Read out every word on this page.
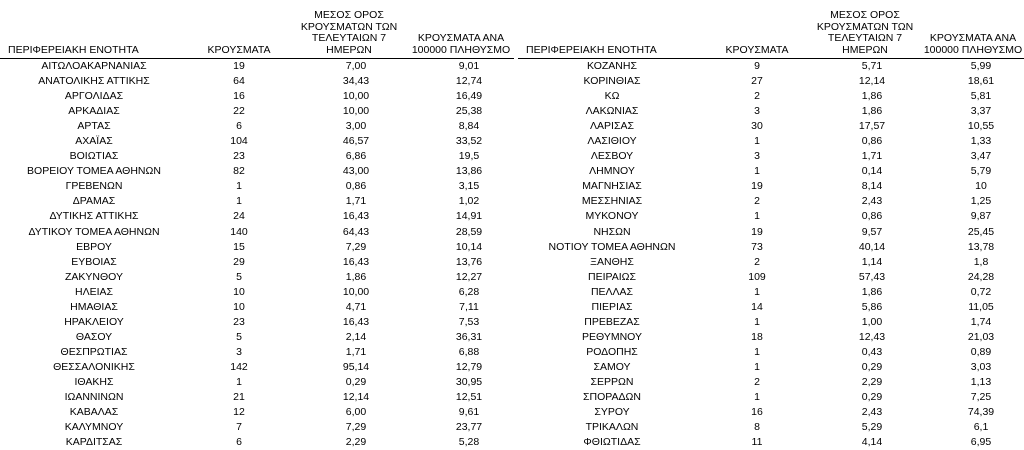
ΠΕΡΙΦΕΡΕΙΑΚΗ ΕΝΟΤΗΤΑ	ΚΡΟΥΣΜΑΤΑ	ΜΕΣΟΣ ΟΡΟΣ ΚΡΟΥΣΜΑΤΩΝ ΤΩΝ ΤΕΛΕΥΤΑΙΩΝ 7 ΗΜΕΡΩΝ	ΚΡΟΥΣΜΑΤΑ ΑΝΑ 100000 ΠΛΗΘΥΣΜΟ
ΑΙΤΩΛΟΑΚΑΡΝΑΝΙΑΣ	19	7,00	9,01
ΑΝΑΤΟΛΙΚΗΣ ΑΤΤΙΚΗΣ	64	34,43	12,74
ΑΡΓΟΛΙΔΑΣ	16	10,00	16,49
ΑΡΚΑΔΙΑΣ	22	10,00	25,38
ΑΡΤΑΣ	6	3,00	8,84
ΑΧΑΪΑΣ	104	46,57	33,52
ΒΟΙΩΤΙΑΣ	23	6,86	19,5
ΒΟΡΕΙΟΥ ΤΟΜΕΑ ΑΘΗΝΩΝ	82	43,00	13,86
ΓΡΕΒΕΝΩΝ	1	0,86	3,15
ΔΡΑΜΑΣ	1	1,71	1,02
ΔΥΤΙΚΗΣ ΑΤΤΙΚΗΣ	24	16,43	14,91
ΔΥΤΙΚΟΥ ΤΟΜΕΑ ΑΘΗΝΩΝ	140	64,43	28,59
ΕΒΡΟΥ	15	7,29	10,14
ΕΥΒΟΙΑΣ	29	16,43	13,76
ΖΑΚΥΝΘΟΥ	5	1,86	12,27
ΗΛΕΙΑΣ	10	10,00	6,28
ΗΜΑΘΙΑΣ	10	4,71	7,11
ΗΡΑΚΛΕΙΟΥ	23	16,43	7,53
ΘΑΣΟΥ	5	2,14	36,31
ΘΕΣΠΡΩΤΙΑΣ	3	1,71	6,88
ΘΕΣΣΑΛΟΝΙΚΗΣ	142	95,14	12,79
ΙΘΑΚΗΣ	1	0,29	30,95
ΙΩΑΝΝΙΝΩΝ	21	12,14	12,51
ΚΑΒΑΛΑΣ	12	6,00	9,61
ΚΑΛΥΜΝΟΥ	7	7,29	23,77
ΚΑΡΔΙΤΣΑΣ	6	2,29	5,28
ΠΕΡΙΦΕΡΕΙΑΚΗ ΕΝΟΤΗΤΑ	ΚΡΟΥΣΜΑΤΑ	ΜΕΣΟΣ ΟΡΟΣ ΚΡΟΥΣΜΑΤΩΝ ΤΩΝ ΤΕΛΕΥΤΑΙΩΝ 7 ΗΜΕΡΩΝ	ΚΡΟΥΣΜΑΤΑ ΑΝΑ 100000 ΠΛΗΘΥΣΜΟ
ΚΟΖΑΝΗΣ	9	5,71	5,99
ΚΟΡΙΝΘΙΑΣ	27	12,14	18,61
ΚΩ	2	1,86	5,81
ΛΑΚΩΝΙΑΣ	3	1,86	3,37
ΛΑΡΙΣΑΣ	30	17,57	10,55
ΛΑΣΙΘΙΟΥ	1	0,86	1,33
ΛΕΣΒΟΥ	3	1,71	3,47
ΛΗΜΝΟΥ	1	0,14	5,79
ΜΑΓΝΗΣΙΑΣ	19	8,14	10
ΜΕΣΣΗΝΙΑΣ	2	2,43	1,25
ΜΥΚΟΝΟΥ	1	0,86	9,87
ΝΗΣΩΝ	19	9,57	25,45
ΝΟΤΙΟΥ ΤΟΜΕΑ ΑΘΗΝΩΝ	73	40,14	13,78
ΞΑΝΘΗΣ	2	1,14	1,8
ΠΕΙΡΑΙΩΣ	109	57,43	24,28
ΠΕΛΛΑΣ	1	1,86	0,72
ΠΙΕΡΙΑΣ	14	5,86	11,05
ΠΡΕΒΕΖΑΣ	1	1,00	1,74
ΡΕΘΥΜΝΟΥ	18	12,43	21,03
ΡΟΔΟΠΗΣ	1	0,43	0,89
ΣΑΜΟΥ	1	0,29	3,03
ΣΕΡΡΩΝ	2	2,29	1,13
ΣΠΟΡΑΔΩΝ	1	0,29	7,25
ΣΥΡΟΥ	16	2,43	74,39
ΤΡΙΚΑΛΩΝ	8	5,29	6,1
ΦΘΙΩΤΙΔΑΣ	11	4,14	6,95
